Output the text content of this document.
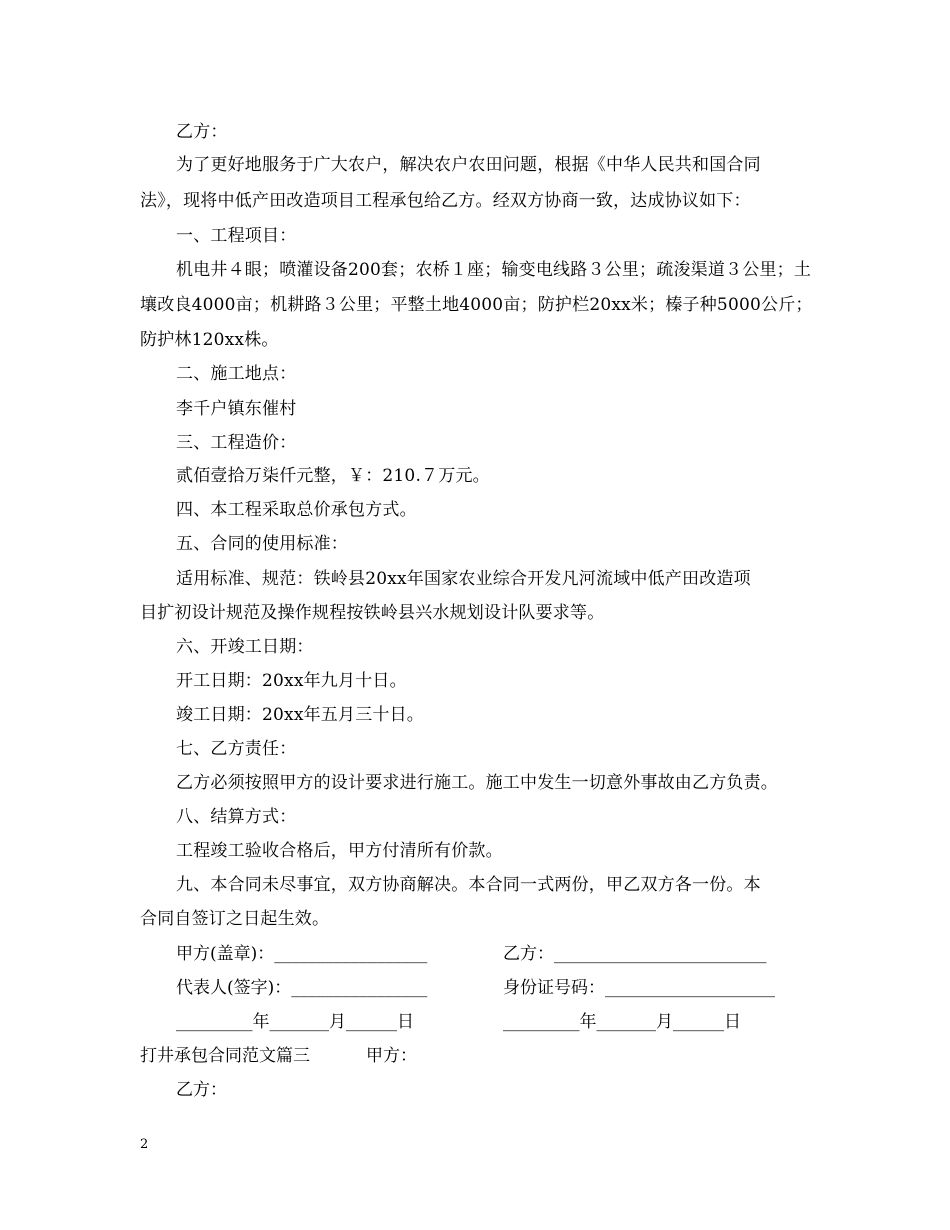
乙方：
为了更好地服务于广大农户，解决农户农田问题，根据《中华人民共和国合同
法》，现将中低产田改造项目工程承包给乙方。经双方协商一致，达成协议如下：
一、工程项目：
机电井４眼；喷灌设备200套；农桥１座；输变电线路３公里；疏浚渠道３公里；土
壤改良4000亩；机耕路３公里；平整土地4000亩；防护栏20xx米；榛子种5000公斤；
防护林120xx株。
二、施工地点：
李千户镇东催村
三、工程造价：
贰佰壹拾万柒仟元整，￥：210.７万元。
四、本工程采取总价承包方式。
五、合同的使用标准：
适用标准、规范：铁岭县20xx年国家农业综合开发凡河流域中低产田改造项
目扩初设计规范及操作规程按铁岭县兴水规划设计队要求等。
六、开竣工日期：
开工日期：20xx年九月十日。
竣工日期：20xx年五月三十日。
七、乙方责任：
乙方必须按照甲方的设计要求进行施工。施工中发生一切意外事故由乙方负责。
八、结算方式：
工程竣工验收合格后，甲方付清所有价款。
九、本合同未尽事宜，双方协商解决。本合同一式两份，甲乙双方各一份。本
合同自签订之日起生效。
甲方(盖章)：__________________	乙方：_________________________
代表人(签字)：________________	身份证号码：____________________
_________年_______月______日	_________年_______月______日
打井承包合同范文篇三	甲方：
乙方：
2
